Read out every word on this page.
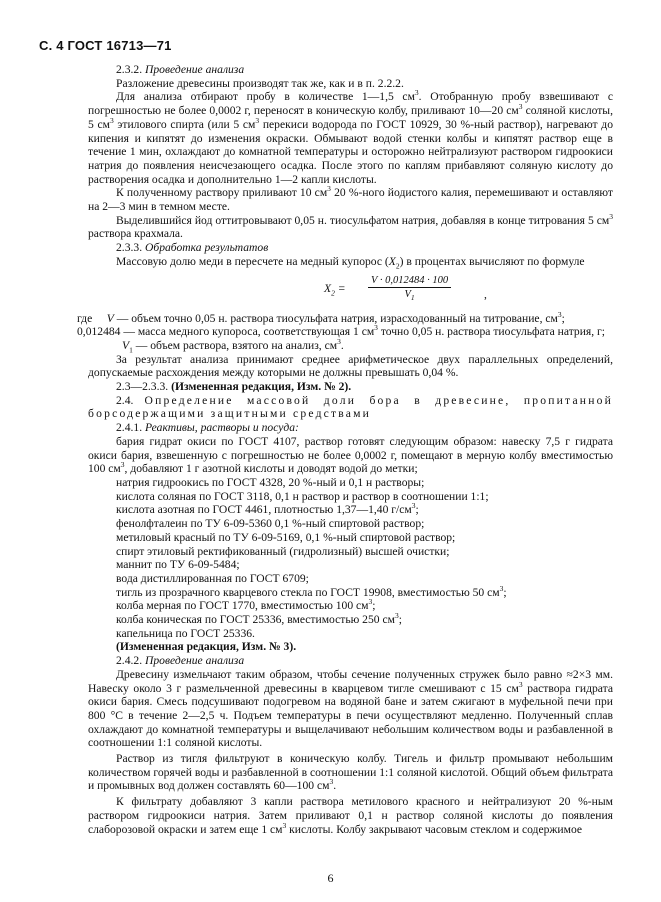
С. 4 ГОСТ 16713—71

2.3.2. Проведение анализа

Разложение древесины производят так же, как и в п. 2.2.2.

Для анализа отбирают пробу в количестве 1—1,5 $см^3$. Отобранную пробу взвешивают с погрешностью не более 0,0002 г, переносят в коническую колбу, приливают 10—20 $см^3$ соляной кислоты, 5 $см^3$ этилового спирта (или 5 $см^3$ перекиси водорода по ГОСТ 10929, 30 %-ный раствор), нагревают до кипения и кипятят до изменения окраски. Обмывают водой стенки колбы и кипятят раствор еще в течение 1 мин, охлаждают до комнатной температуры и осторожно нейтрализуют раствором гидроокиси натрия до появления неисчезающего осадка. После этого по каплям прибавляют соляную кислоту до растворения осадка и дополнительно 1—2 капли кислоты.

К полученному раствору приливают 10 $см^3$ 20 %-ного йодистого калия, перемешивают и оставляют на 2—3 мин в темном месте.

Выделившийся йод оттитровывают 0,05 н. тиосульфатом натрия, добавляя в конце титрования 5 $см^3$ раствора крахмала.

2.3.3. Обработка результатов

Массовую долю меди в пересчете на медный купорос $(X_2)$ в процентах вычисляют по формуле

$X_2 = \frac{V \cdot 0,012484 \cdot 100}{V_1}$	,

где V — объем точно 0,05 н. раствора тиосульфата натрия, израсходованный на титрование, $см^3$;

0,012484 — масса медного купороса, соответствующая 1 $см^3$ точно 0,05 н. раствора тиосульфата натрия, г;

$V_1$ — объем раствора, взятого на анализ, $см^3$.

За результат анализа принимают среднее арифметическое двух параллельных определений, допускаемые расхождения между которыми не должны превышать 0,04 %.

2.3—2.3.3. (Измененная редакция, Изм. № 2).

2.4. Определение массовой доли бора в древесине, пропитанной борсодержащими защитными средствами

2.4.1. Реактивы, растворы и посуда:

бария гидрат окиси по ГОСТ 4107, раствор готовят следующим образом: навеску 7,5 г гидрата окиси бария, взвешенную с погрешностью не более 0,0002 г, помещают в мерную колбу вместимостью 100 $см^3$, добавляют 1 г азотной кислоты и доводят водой до метки;

натрия гидроокись по ГОСТ 4328, 20 %-ный и 0,1 н растворы;

кислота соляная по ГОСТ 3118, 0,1 н раствор и раствор в соотношении 1:1;

кислота азотная по ГОСТ 4461, плотностью 1,37—1,40 $г/см^3$;

фенолфталеин по ТУ 6-09-5360 0,1 %-ный спиртовой раствор;

метиловый красный по ТУ 6-09-5169, 0,1 %-ный спиртовой раствор;

спирт этиловый ректификованный (гидролизный) высшей очистки;

маннит по ТУ 6-09-5484;

вода дистиллированная по ГОСТ 6709;

тигль из прозрачного кварцевого стекла по ГОСТ 19908, вместимостью 50 $см^3$;

колба мерная по ГОСТ 1770, вместимостью 100 $см^3$;

колба коническая по ГОСТ 25336, вместимостью 250 $см^3$;

капельница по ГОСТ 25336.

(Измененная редакция, Изм. № 3).

2.4.2. Проведение анализа

Древесину измельчают таким образом, чтобы сечение полученных стружек было равно ≈2×3 мм. Навеску около 3 г размельченной древесины в кварцевом тигле смешивают с 15 $см^3$ раствора гидрата окиси бария. Смесь подсушивают подогревом на водяной бане и затем сжигают в муфельной печи при 800 °С в течение 2—2,5 ч. Подъем температуры в печи осуществляют медленно. Полученный сплав охлаждают до комнатной температуры и выщелачивают небольшим количеством воды и разбавленной в соотношении 1:1 соляной кислоты.

Раствор из тигля фильтруют в коническую колбу. Тигель и фильтр промывают небольшим количеством горячей воды и разбавленной в соотношении 1:1 соляной кислотой. Общий объем фильтрата и промывных вод должен составлять 60—100 $см^3$.

К фильтрату добавляют 3 капли раствора метилового красного и нейтрализуют 20 %-ным раствором гидроокиси натрия. Затем приливают 0,1 н раствор соляной кислоты до появления слаборозовой окраски и затем еще 1 $см^3$ кислоты. Колбу закрывают часовым стеклом и содержимое

6
